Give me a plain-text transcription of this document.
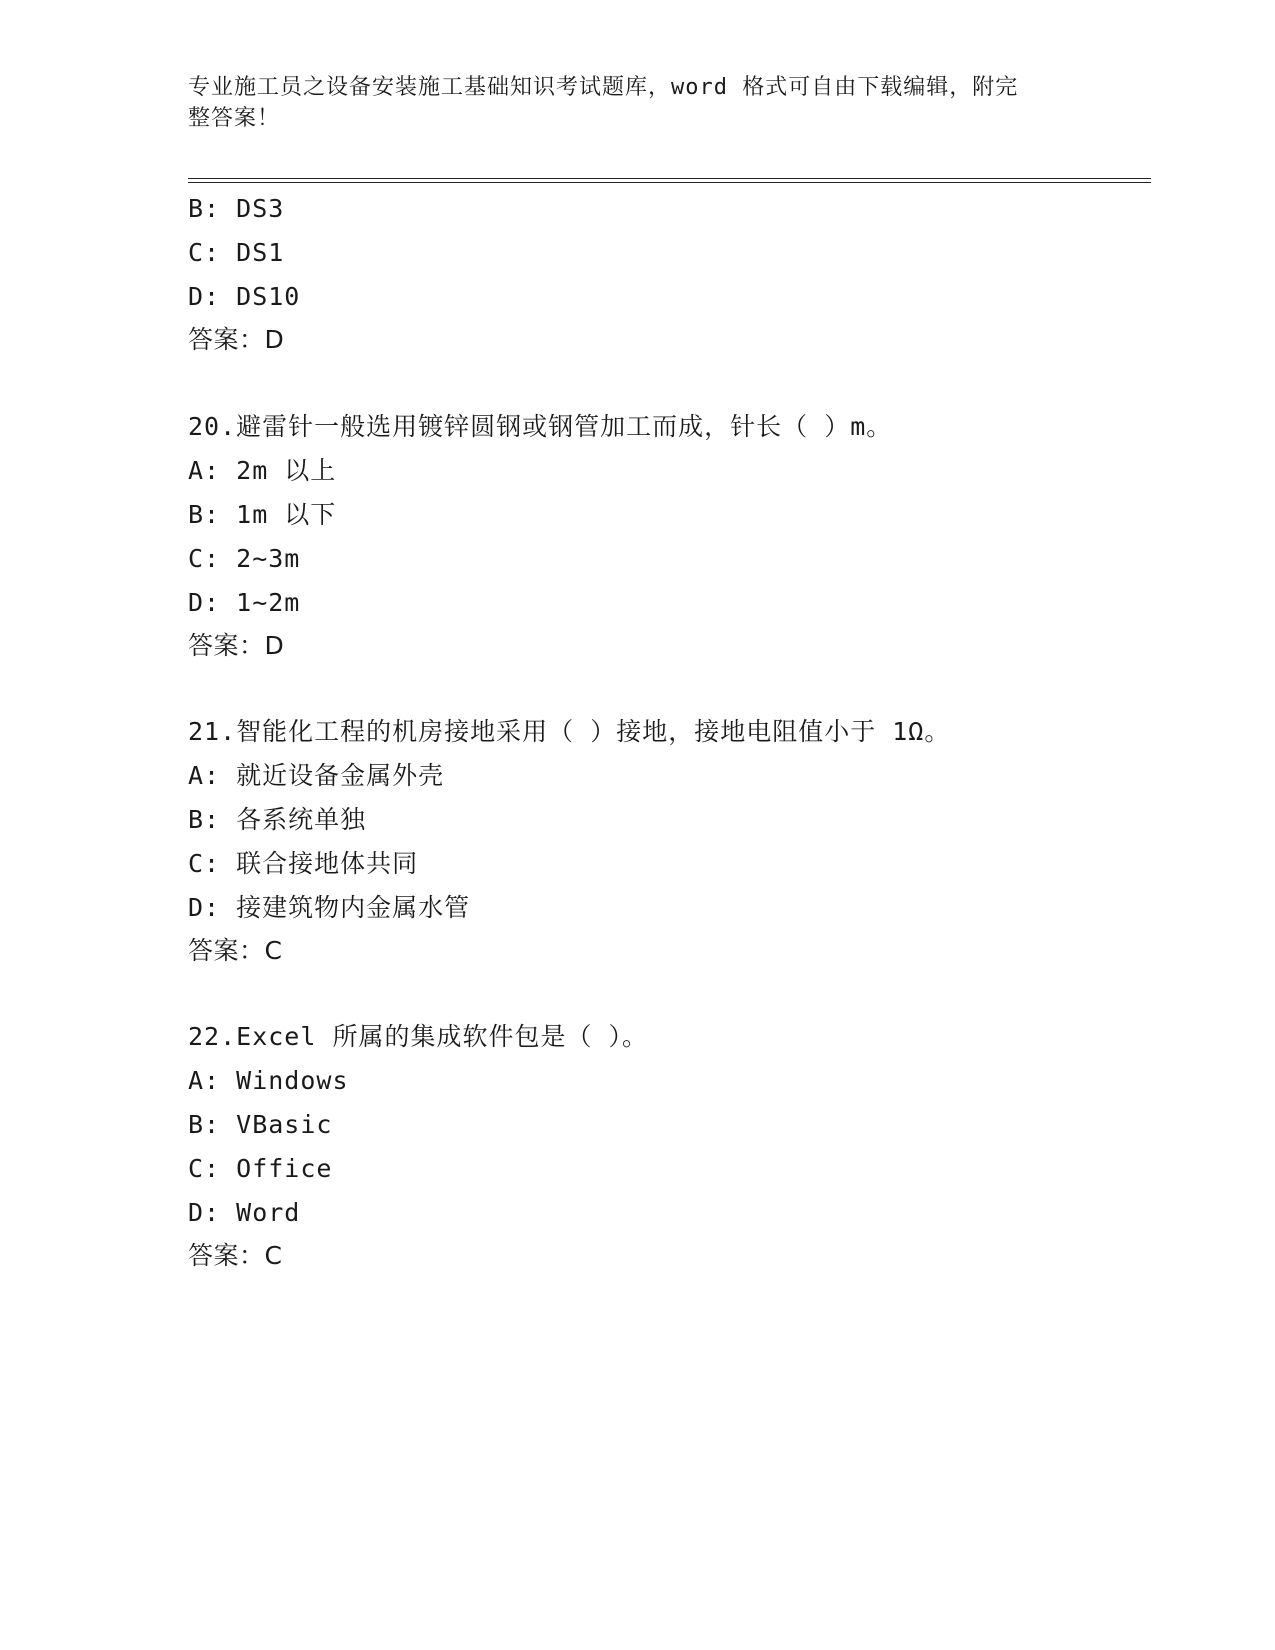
专业施工员之设备安装施工基础知识考试题库，word 格式可自由下载编辑，附完
整答案！
B: DS3
C: DS1
D: DS10
答案：D
20.避雷针一般选用镀锌圆钢或钢管加工而成，针长（ ）m。
A: 2m 以上
B: 1m 以下
C: 2~3m
D: 1~2m
答案：D
21.智能化工程的机房接地采用（ ）接地，接地电阻值小于 1Ω。
A: 就近设备金属外壳
B: 各系统单独
C: 联合接地体共同
D: 接建筑物内金属水管
答案：C
22.Excel 所属的集成软件包是（ ）。
A: Windows
B: VBasic
C: Office
D: Word
答案：C
